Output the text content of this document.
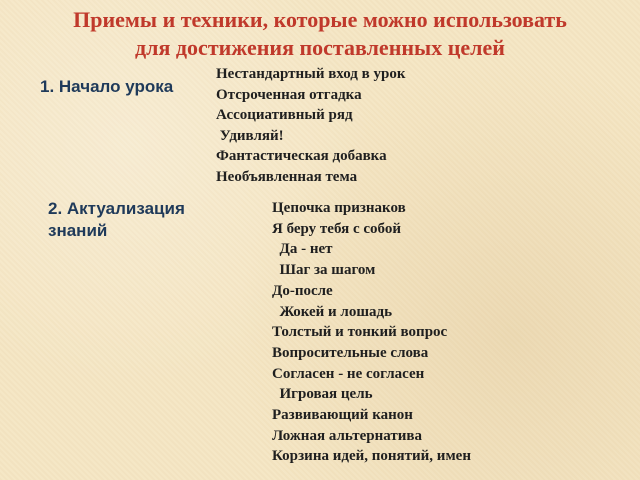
Приемы и техники, которые можно использовать
для достижения поставленных целей
1. Начало урока
Нестандартный вход в урок
Отсроченная отгадка
Ассоциативный ряд
Удивляй!
Фантастическая добавка
Необъявленная тема
2. Актуализация
знаний
Цепочка признаков
Я беру тебя с собой
Да - нет
Шаг за шагом
До-после
Жокей и лошадь
Толстый и тонкий вопрос
Вопросительные слова
Согласен - не согласен
Игровая цель
Развивающий канон
Ложная альтернатива
Корзина идей, понятий, имен
